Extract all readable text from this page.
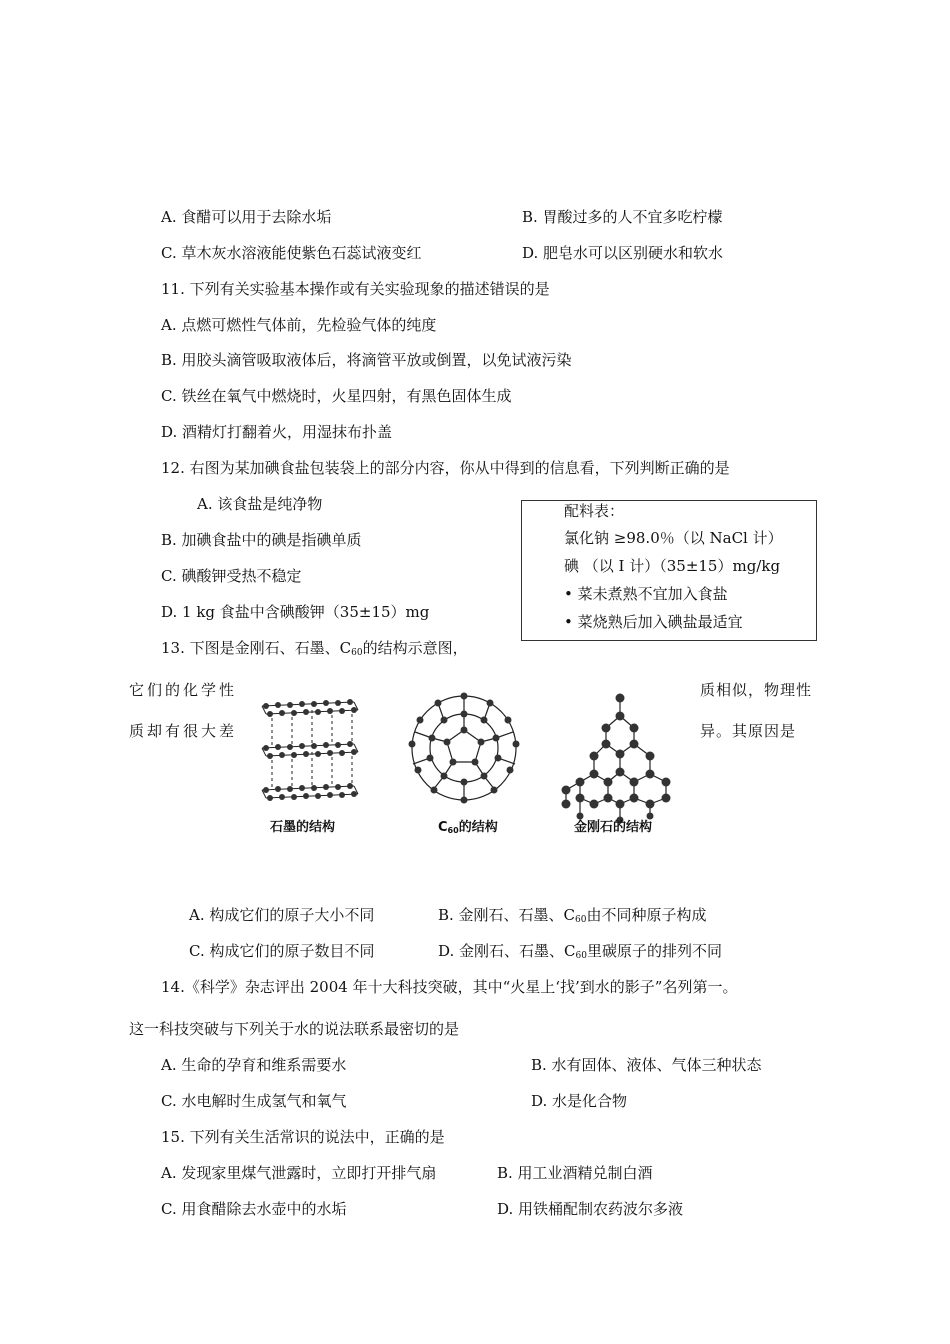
A. 食醋可以用于去除水垢	B. 胃酸过多的人不宜多吃柠檬
C. 草木灰水溶液能使紫色石蕊试液变红	D. 肥皂水可以区别硬水和软水
11. 下列有关实验基本操作或有关实验现象的描述错误的是
A. 点燃可燃性气体前，先检验气体的纯度
B. 用胶头滴管吸取液体后，将滴管平放或倒置，以免试液污染
C. 铁丝在氧气中燃烧时，火星四射，有黑色固体生成
D. 酒精灯打翻着火，用湿抹布扑盖
12. 右图为某加碘食盐包装袋上的部分内容，你从中得到的信息看，下列判断正确的是
A. 该食盐是纯净物
B. 加碘食盐中的碘是指碘单质
C. 碘酸钾受热不稳定
D. 1 kg 食盐中含碘酸钾（35±15）mg
配料表：
氯化钠 ≥98.0％（以 NaCl 计）
碘 （以 I 计）（35±15）mg/kg
• 菜未煮熟不宜加入食盐
• 菜烧熟后加入碘盐最适宜
13. 下图是金刚石、石墨、$C_{60}$的结构示意图，
它们的化学性	质相似，物理性
质却有很大差	异。其原因是
石墨的结构	C60的结构	金刚石的结构
A. 构成它们的原子大小不同	B. 金刚石、石墨、$C_{60}$由不同种原子构成
C. 构成它们的原子数目不同	D. 金刚石、石墨、$C_{60}$里碳原子的排列不同
14.《科学》杂志评出 2004 年十大科技突破，其中“火星上‘找’到水的影子”名列第一。
这一科技突破与下列关于水的说法联系最密切的是
A. 生命的孕育和维系需要水	B. 水有固体、液体、气体三种状态
C. 水电解时生成氢气和氧气	D. 水是化合物
15. 下列有关生活常识的说法中，正确的是
A. 发现家里煤气泄露时，立即打开排气扇	B. 用工业酒精兑制白酒
C. 用食醋除去水壶中的水垢	D. 用铁桶配制农药波尔多液
